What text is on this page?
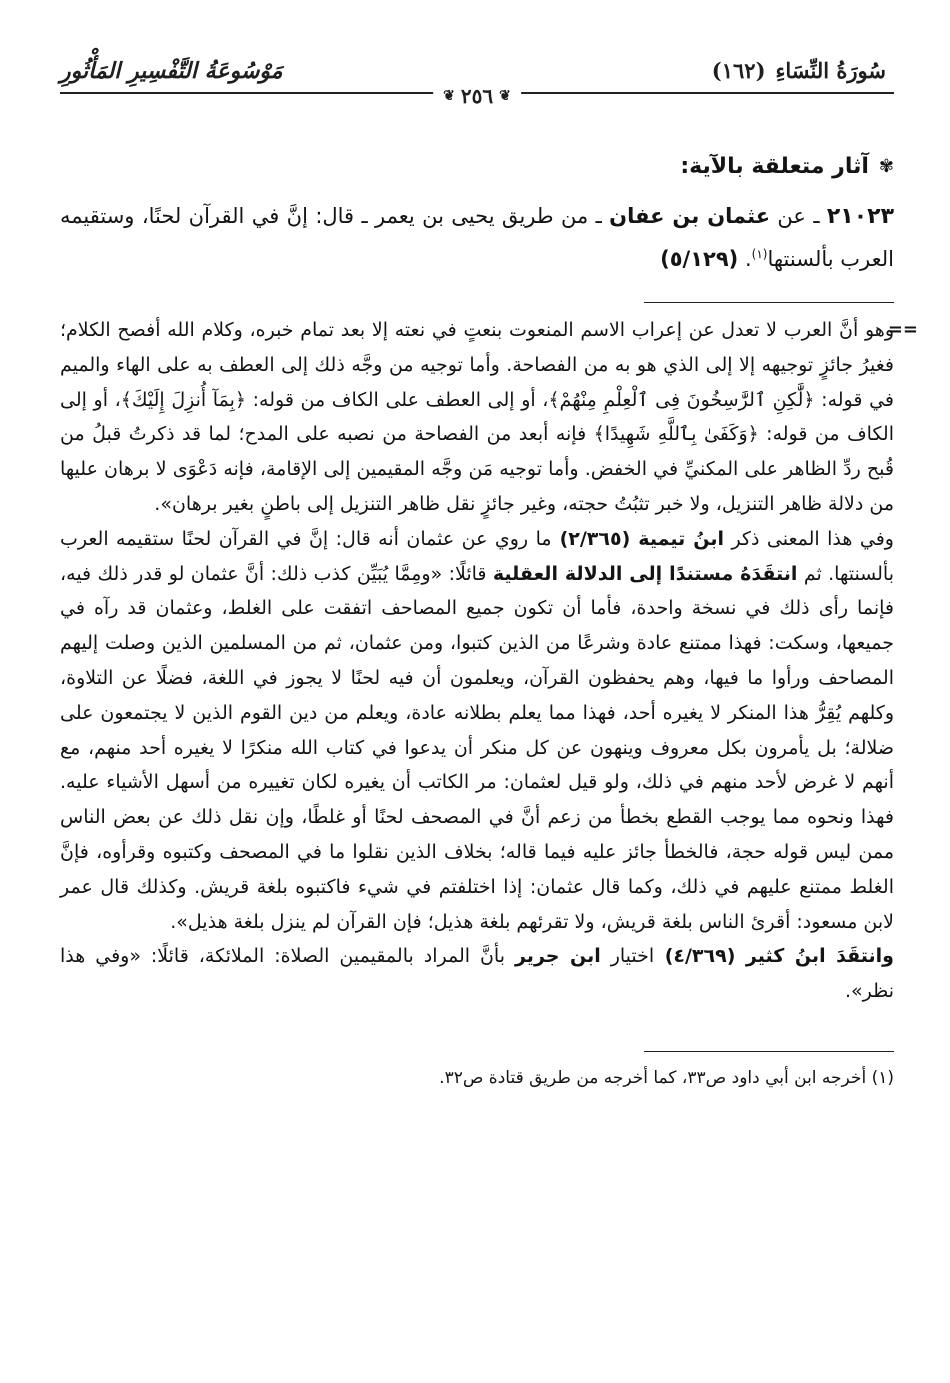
سُورَةُ النِّسَاءِ
(١٦٢)
مَوْسُوعَةُ التَّفْسِيرِ المَأْثُورِ
❦
٢٥٦
❦
✾
آثار متعلقة بالآية:

٢١٠٢٣ ـ عن عثمان بن عفان ـ من طريق يحيى بن يعمر ـ قال: إنَّ في القرآن لحنًا، وستقيمه العرب بألسنتها$^{(١)}$. (٥/١٢٩)

==
وهو أنَّ العرب لا تعدل عن إعراب الاسم المنعوت بنعتٍ في نعته إلا بعد تمام خبره، وكلام الله أفصح الكلام؛ فغيرُ جائزٍ توجيهه إلا إلى الذي هو به من الفصاحة. وأما توجيه من وجَّه ذلك إلى العطف به على الهاء والميم في قوله: ﴿لَّٰكِنِ ٱلرَّٰسِخُونَ فِى ٱلْعِلْمِ مِنْهُمْ﴾، أو إلى العطف على الكاف من قوله: ﴿بِمَآ أُنزِلَ إِلَيْكَ﴾، أو إلى الكاف من قوله: ﴿وَكَفَىٰ بِٱللَّهِ شَهِيدًا﴾ فإنه أبعد من الفصاحة من نصبه على المدح؛ لما قد ذكرتُ قبلُ من قُبح ردِّ الظاهر على المكنيِّ في الخفض. وأما توجيه مَن وجَّه المقيمين إلى الإقامة، فإنه دَعْوَى لا برهان عليها من دلالة ظاهر التنزيل، ولا خبر تثبُتُ حجته، وغير جائزٍ نقل ظاهر التنزيل إلى باطنٍ بغير برهان».

وفي هذا المعنى ذكر ابنُ تيمية (٢/٣٦٥) ما روي عن عثمان أنه قال: إنَّ في القرآن لحنًا ستقيمه العرب بألسنتها. ثم انتقَدَهُ مستندًا إلى الدلالة العقلية قائلًا: «ومِمَّا يُبَيِّن كذب ذلك: أنَّ عثمان لو قدر ذلك فيه، فإنما رأى ذلك في نسخة واحدة، فأما أن تكون جميع المصاحف اتفقت على الغلط، وعثمان قد رآه في جميعها، وسكت: فهذا ممتنع عادة وشرعًا من الذين كتبوا، ومن عثمان، ثم من المسلمين الذين وصلت إليهم المصاحف ورأوا ما فيها، وهم يحفظون القرآن، ويعلمون أن فيه لحنًا لا يجوز في اللغة، فضلًا عن التلاوة، وكلهم يُقِرُّ هذا المنكر لا يغيره أحد، فهذا مما يعلم بطلانه عادة، ويعلم من دين القوم الذين لا يجتمعون على ضلالة؛ بل يأمرون بكل معروف وينهون عن كل منكر أن يدعوا في كتاب الله منكرًا لا يغيره أحد منهم، مع أنهم لا غرض لأحد منهم في ذلك، ولو قيل لعثمان: مر الكاتب أن يغيره لكان تغييره من أسهل الأشياء عليه. فهذا ونحوه مما يوجب القطع بخطأ من زعم أنَّ في المصحف لحنًا أو غلطًا، وإن نقل ذلك عن بعض الناس ممن ليس قوله حجة، فالخطأ جائز عليه فيما قاله؛ بخلاف الذين نقلوا ما في المصحف وكتبوه وقرأوه، فإنَّ الغلط ممتنع عليهم في ذلك، وكما قال عثمان: إذا اختلفتم في شيء فاكتبوه بلغة قريش. وكذلك قال عمر لابن مسعود: أقرئ الناس بلغة قريش، ولا تقرئهم بلغة هذيل؛ فإن القرآن لم ينزل بلغة هذيل».

وانتقَدَ ابنُ كثير (٤/٣٦٩) اختيار ابن جرير بأنَّ المراد بالمقيمين الصلاة: الملائكة، قائلًا: «وفي هذا نظر».

(١) أخرجه ابن أبي داود ص٣٣، كما أخرجه من طريق قتادة ص٣٢.
